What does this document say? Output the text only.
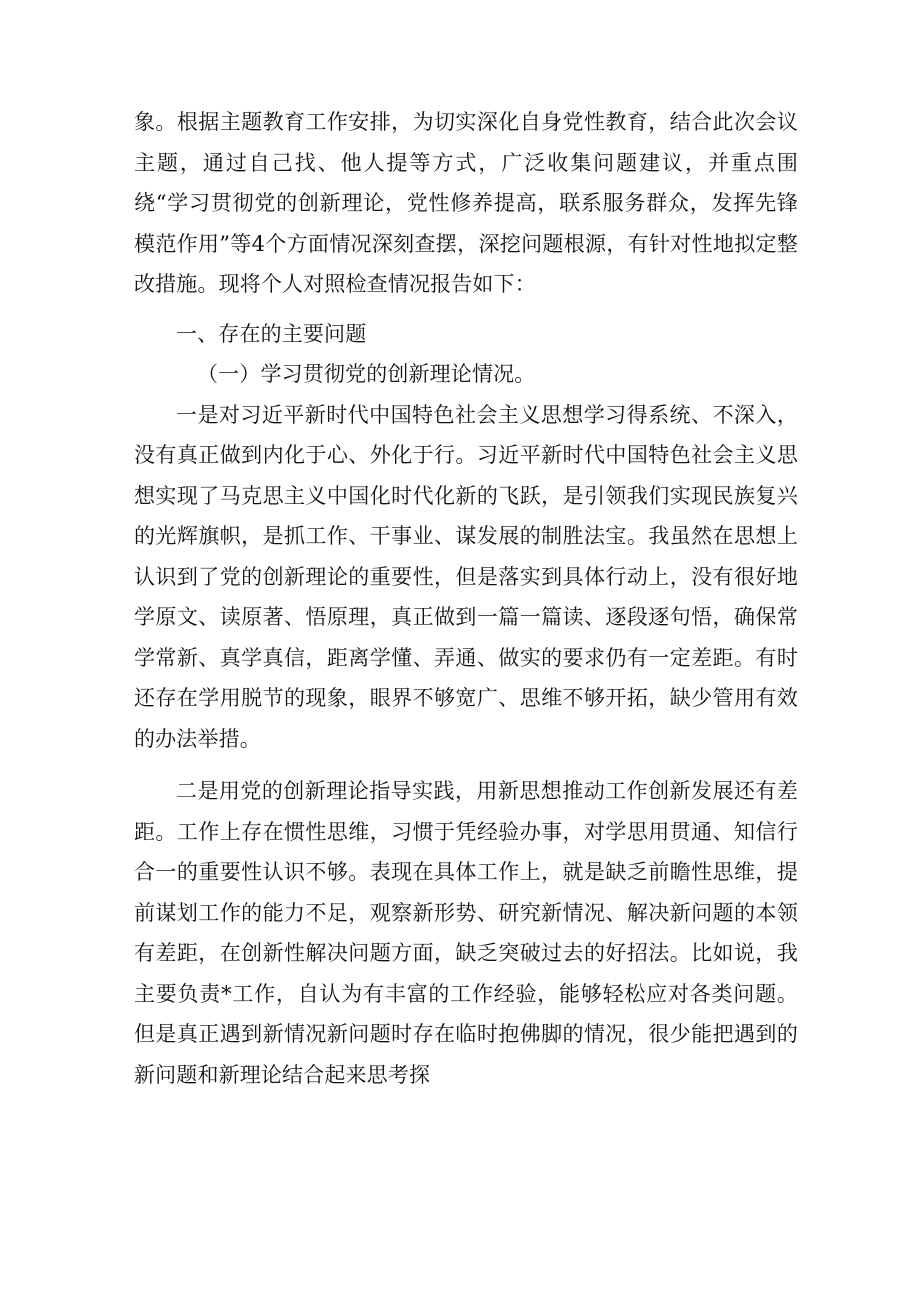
象。根据主题教育工作安排，为切实深化自身党性教育，结合此次会议主题，通过自己找、他人提等方式，广泛收集问题建议，并重点围绕“学习贯彻党的创新理论，党性修养提高，联系服务群众，发挥先锋模范作用”等4个方面情况深刻查摆，深挖问题根源，有针对性地拟定整改措施。现将个人对照检查情况报告如下：

一、存在的主要问题

（一）学习贯彻党的创新理论情况。

一是对习近平新时代中国特色社会主义思想学习得系统、不深入，没有真正做到内化于心、外化于行。习近平新时代中国特色社会主义思想实现了马克思主义中国化时代化新的飞跃，是引领我们实现民族复兴的光辉旗帜，是抓工作、干事业、谋发展的制胜法宝。我虽然在思想上认识到了党的创新理论的重要性，但是落实到具体行动上，没有很好地学原文、读原著、悟原理，真正做到一篇一篇读、逐段逐句悟，确保常学常新、真学真信，距离学懂、弄通、做实的要求仍有一定差距。有时还存在学用脱节的现象，眼界不够宽广、思维不够开拓，缺少管用有效的办法举措。

二是用党的创新理论指导实践，用新思想推动工作创新发展还有差距。工作上存在惯性思维，习惯于凭经验办事，对学思用贯通、知信行合一的重要性认识不够。表现在具体工作上，就是缺乏前瞻性思维，提前谋划工作的能力不足，观察新形势、研究新情况、解决新问题的本领有差距，在创新性解决问题方面，缺乏突破过去的好招法。比如说，我主要负责*工作，自认为有丰富的工作经验，能够轻松应对各类问题。但是真正遇到新情况新问题时存在临时抱佛脚的情况，很少能把遇到的新问题和新理论结合起来思考探
